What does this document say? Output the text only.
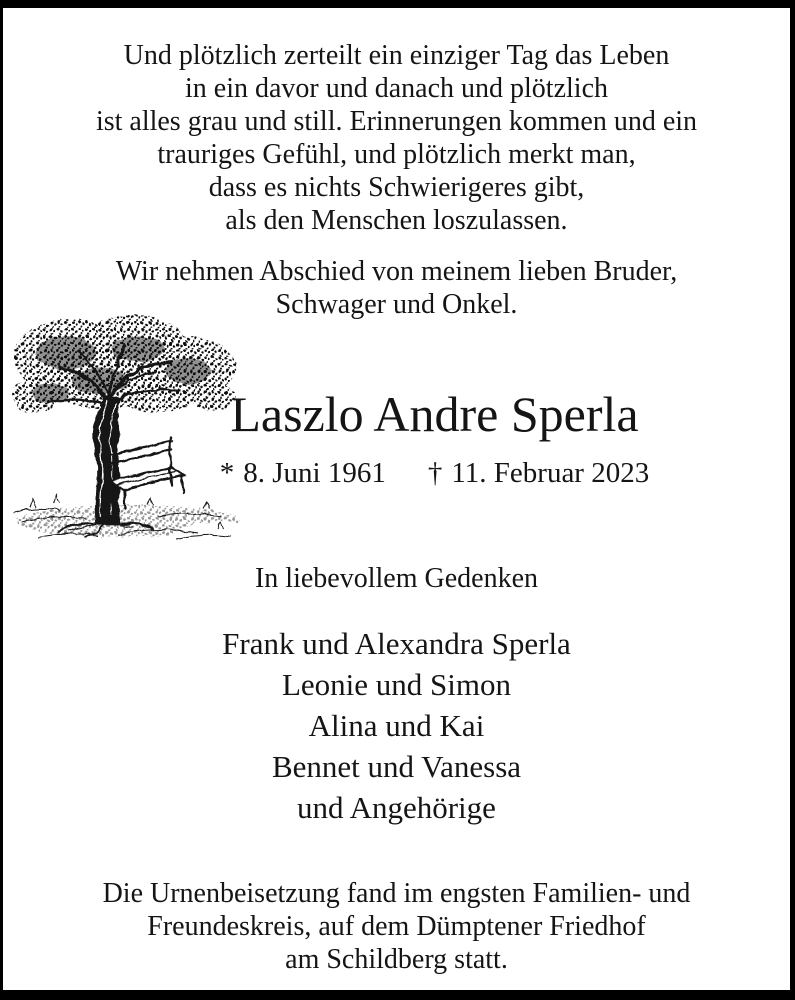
Und plötzlich zerteilt ein einziger Tag das Leben
in ein davor und danach und plötzlich
ist alles grau und still. Erinnerungen kommen und ein
trauriges Gefühl, und plötzlich merkt man,
dass es nichts Schwierigeres gibt,
als den Menschen loszulassen.
Wir nehmen Abschied von meinem lieben Bruder,
Schwager und Onkel.
Laszlo Andre Sperla
* 8. Juni 1961 † 11. Februar 2023
In liebevollem Gedenken
Frank und Alexandra Sperla
Leonie und Simon
Alina und Kai
Bennet und Vanessa
und Angehörige
Die Urnenbeisetzung fand im engsten Familien- und
Freundeskreis, auf dem Dümptener Friedhof
am Schildberg statt.
